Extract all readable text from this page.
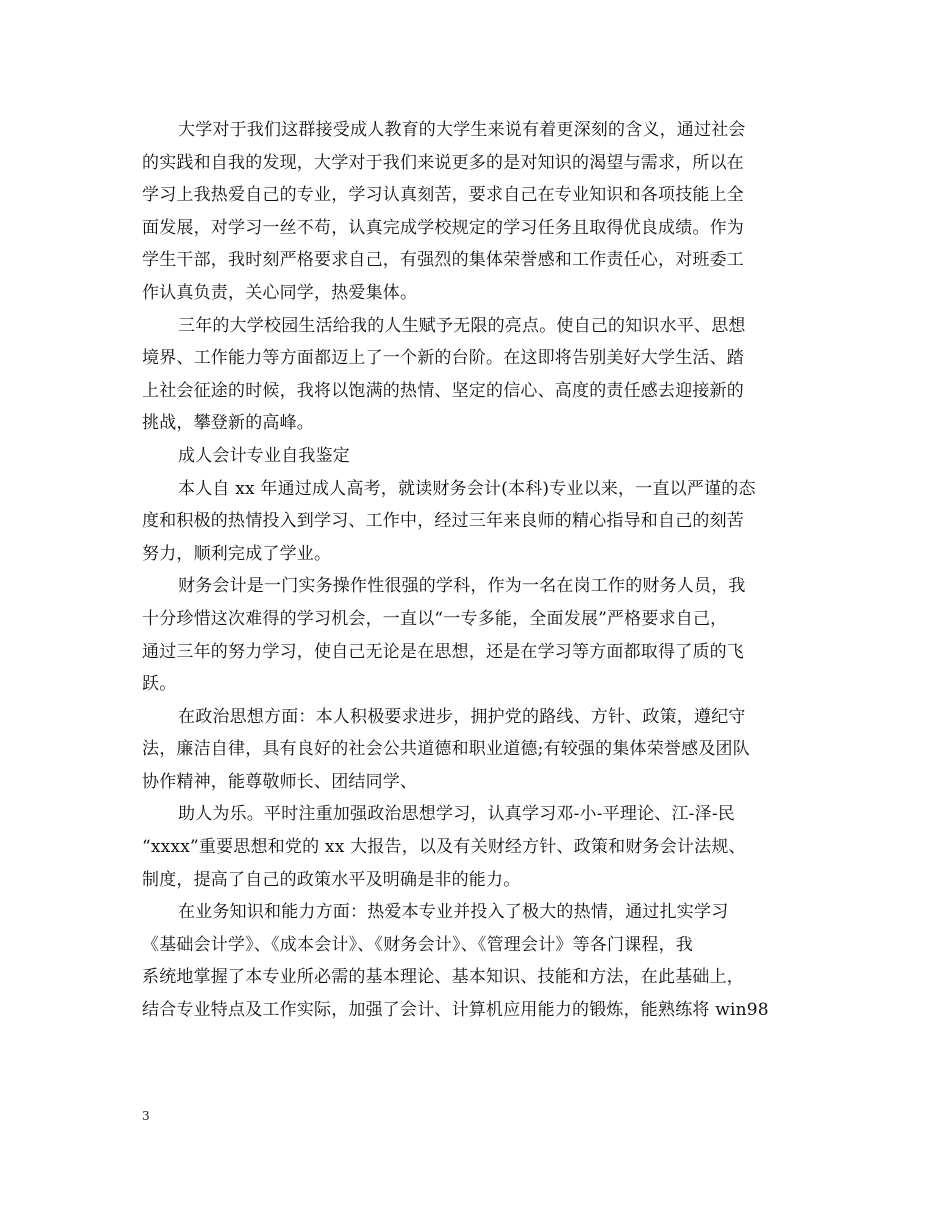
大学对于我们这群接受成人教育的大学生来说有着更深刻的含义，通过社会
的实践和自我的发现，大学对于我们来说更多的是对知识的渴望与需求，所以在
学习上我热爱自己的专业，学习认真刻苦，要求自己在专业知识和各项技能上全
面发展，对学习一丝不苟，认真完成学校规定的学习任务且取得优良成绩。作为
学生干部，我时刻严格要求自己，有强烈的集体荣誉感和工作责任心，对班委工
作认真负责，关心同学，热爱集体。
三年的大学校园生活给我的人生赋予无限的亮点。使自己的知识水平、思想
境界、工作能力等方面都迈上了一个新的台阶。在这即将告别美好大学生活、踏
上社会征途的时候，我将以饱满的热情、坚定的信心、高度的责任感去迎接新的
挑战，攀登新的高峰。
成人会计专业自我鉴定
本人自 xx 年通过成人高考，就读财务会计(本科)专业以来，一直以严谨的态
度和积极的热情投入到学习、工作中，经过三年来良师的精心指导和自己的刻苦
努力，顺利完成了学业。
财务会计是一门实务操作性很强的学科，作为一名在岗工作的财务人员，我
十分珍惜这次难得的学习机会，一直以“一专多能，全面发展”严格要求自己，
通过三年的努力学习，使自己无论是在思想，还是在学习等方面都取得了质的飞
跃。
在政治思想方面：本人积极要求进步，拥护党的路线、方针、政策，遵纪守
法，廉洁自律，具有良好的社会公共道德和职业道德;有较强的集体荣誉感及团队
协作精神，能尊敬师长、团结同学、
助人为乐。平时注重加强政治思想学习，认真学习邓-小-平理论、江-泽-民
“xxxx”重要思想和党的 xx 大报告，以及有关财经方针、政策和财务会计法规、
制度，提高了自己的政策水平及明确是非的能力。
在业务知识和能力方面：热爱本专业并投入了极大的热情，通过扎实学习
《基础会计学》、《成本会计》、《财务会计》、《管理会计》等各门课程，我
系统地掌握了本专业所必需的基本理论、基本知识、技能和方法，在此基础上，
结合专业特点及工作实际，加强了会计、计算机应用能力的锻炼，能熟练将 win98
3
